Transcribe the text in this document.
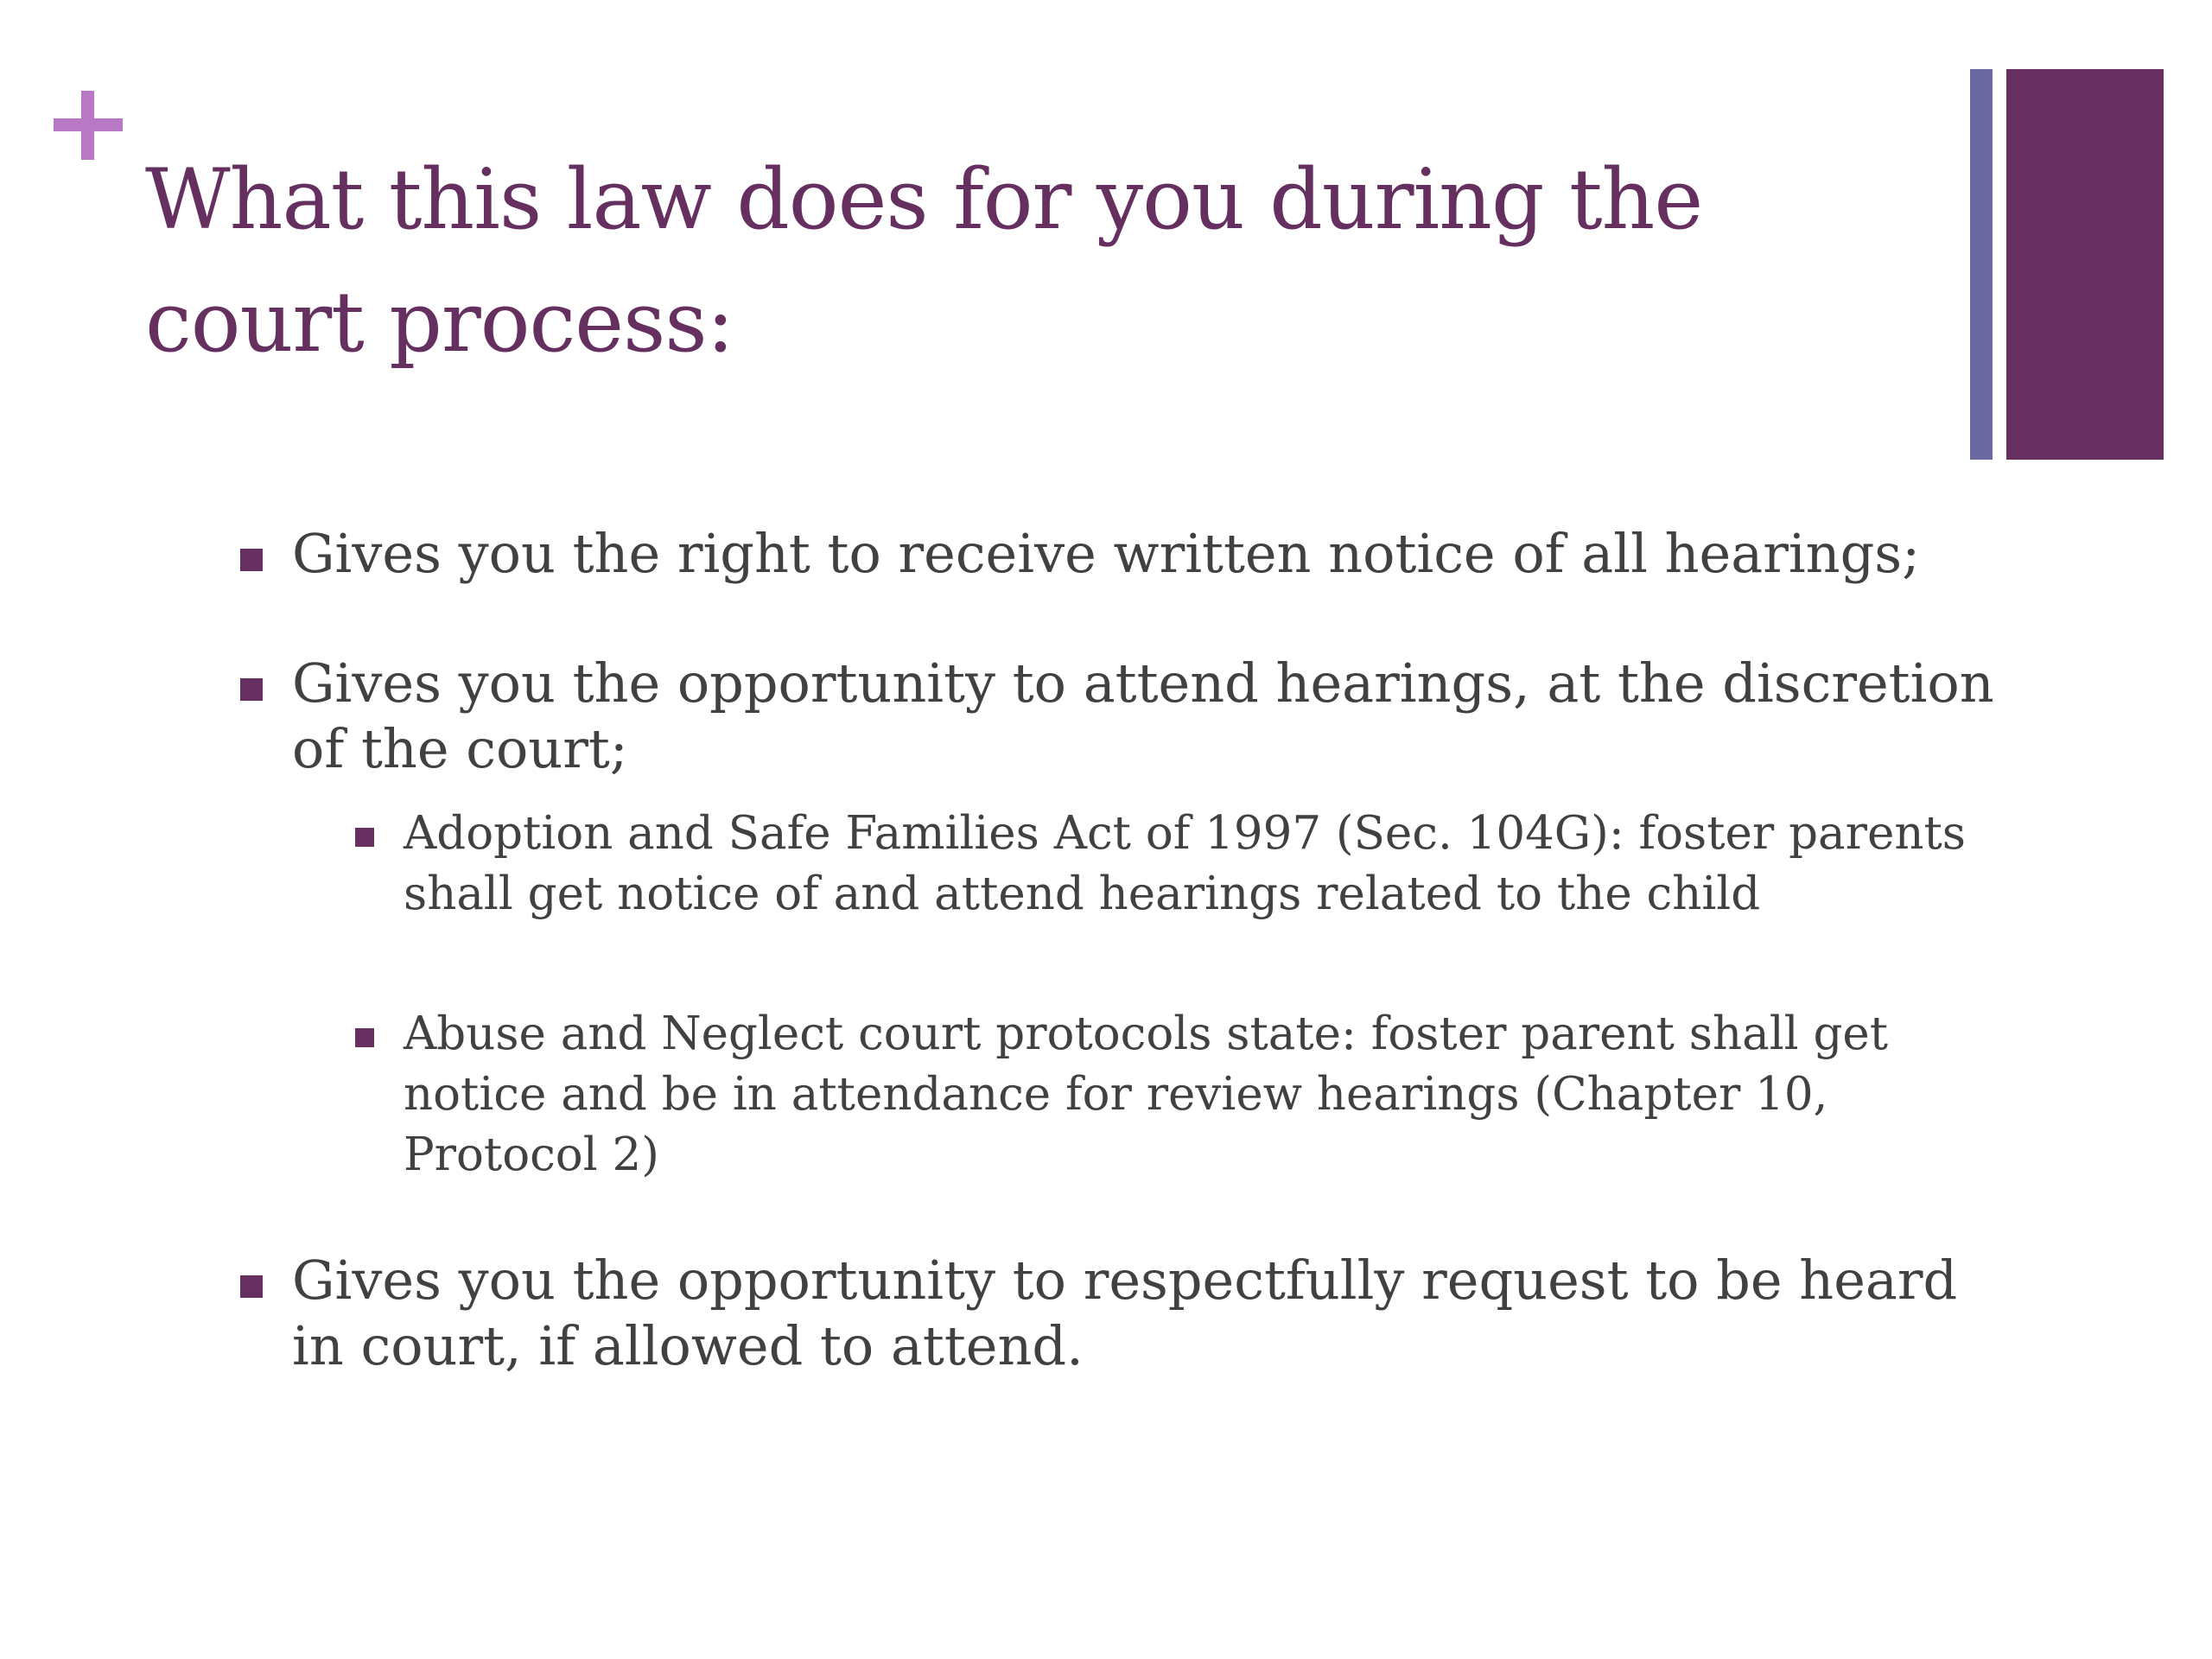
What this law does for you during the court process:
Gives you the right to receive written notice of all hearings;
Gives you the opportunity to attend hearings, at the discretion of the court;
Adoption and Safe Families Act of 1997 (Sec. 104G): foster parents shall get notice of and attend hearings related to the child
Abuse and Neglect court protocols state: foster parent shall get notice and be in attendance for review hearings (Chapter 10, Protocol 2)
Gives you the opportunity to respectfully request to be heard in court, if allowed to attend.
